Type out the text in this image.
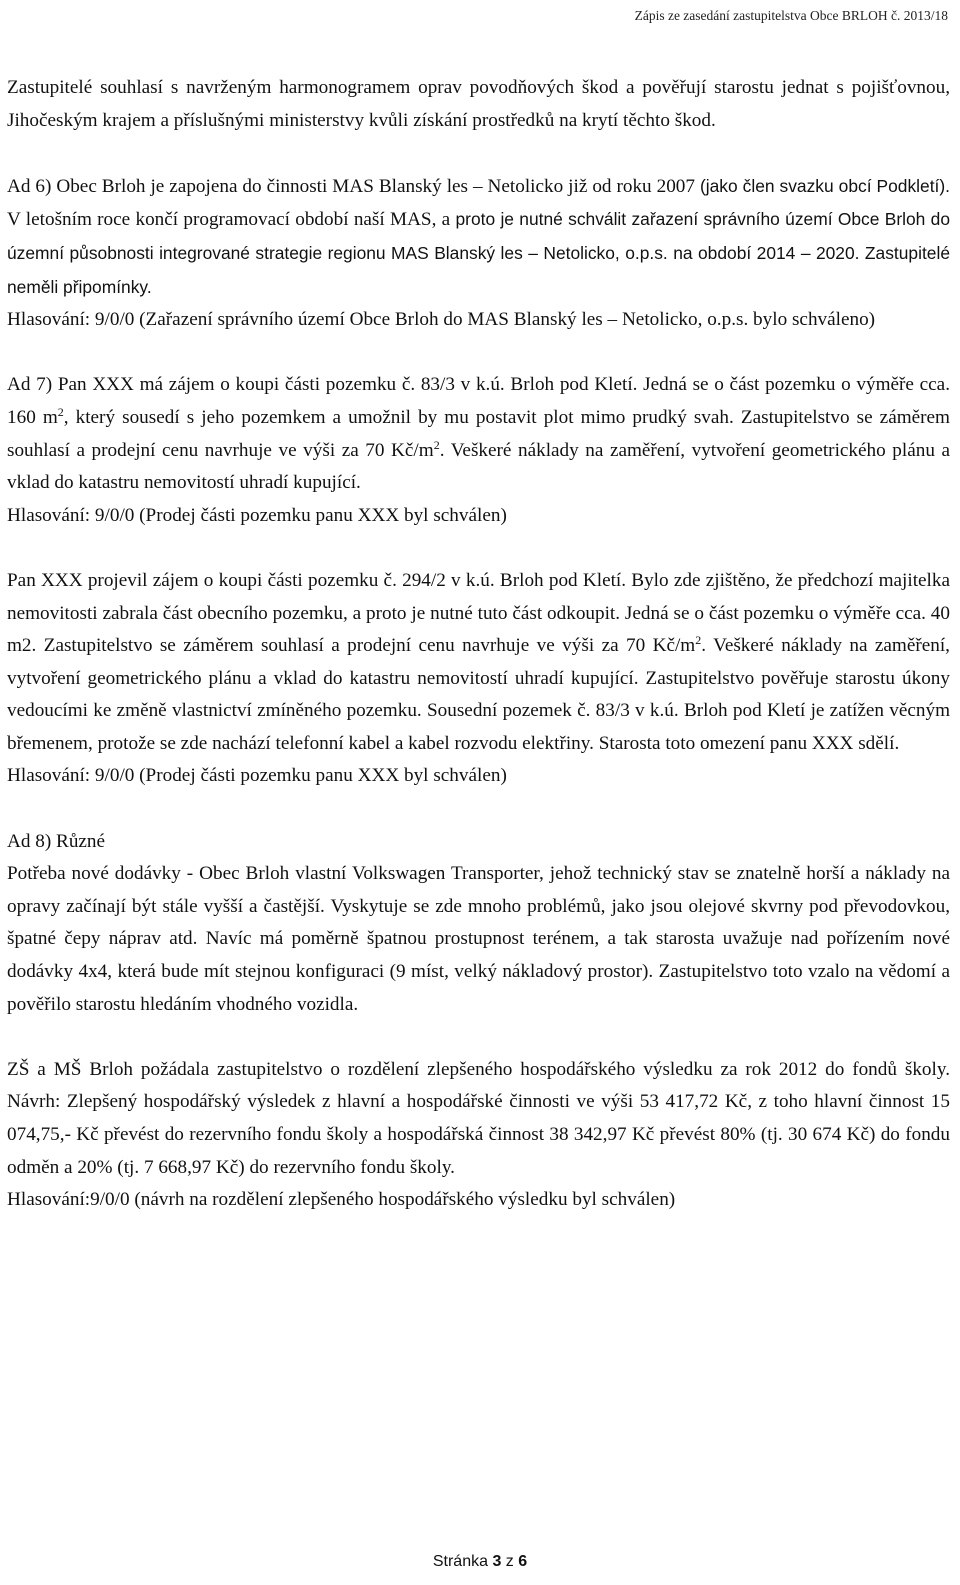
Zápis ze zasedání zastupitelstva Obce BRLOH č. 2013/18

Zastupitelé souhlasí s navrženým harmonogramem oprav povodňových škod a pověřují starostu jednat s pojišťovnou, Jihočeským krajem a příslušnými ministerstvy kvůli získání prostředků na krytí těchto škod.

Ad 6) Obec Brloh je zapojena do činnosti MAS Blanský les – Netolicko již od roku 2007 (jako člen svazku obcí Podkletí). V letošním roce končí programovací období naší MAS, a proto je nutné schválit zařazení správního území Obce Brloh do územní působnosti integrované strategie regionu MAS Blanský les – Netolicko, o.p.s. na období 2014 – 2020. Zastupitelé neměli připomínky.

Hlasování: 9/0/0 (Zařazení správního území Obce Brloh do MAS Blanský les – Netolicko, o.p.s. bylo schváleno)

Ad 7) Pan XXX má zájem o koupi části pozemku č. 83/3 v k.ú. Brloh pod Kletí. Jedná se o část pozemku o výměře cca. 160 $m^2$, který sousedí s jeho pozemkem a umožnil by mu postavit plot mimo prudký svah. Zastupitelstvo se záměrem souhlasí a prodejní cenu navrhuje ve výši za 70 $Kč/m^2$. Veškeré náklady na zaměření, vytvoření geometrického plánu a vklad do katastru nemovitostí uhradí kupující.

Hlasování: 9/0/0 (Prodej části pozemku panu XXX byl schválen)

Pan XXX projevil zájem o koupi části pozemku č. 294/2 v k.ú. Brloh pod Kletí. Bylo zde zjištěno, že předchozí majitelka nemovitosti zabrala část obecního pozemku, a proto je nutné tuto část odkoupit. Jedná se o část pozemku o výměře cca. 40 m2. Zastupitelstvo se záměrem souhlasí a prodejní cenu navrhuje ve výši za 70 $Kč/m^2$. Veškeré náklady na zaměření, vytvoření geometrického plánu a vklad do katastru nemovitostí uhradí kupující. Zastupitelstvo pověřuje starostu úkony vedoucími ke změně vlastnictví zmíněného pozemku. Sousední pozemek č. 83/3 v k.ú. Brloh pod Kletí je zatížen věcným břemenem, protože se zde nachází telefonní kabel a kabel rozvodu elektřiny. Starosta toto omezení panu XXX sdělí.

Hlasování: 9/0/0 (Prodej části pozemku panu XXX byl schválen)

Ad 8) Různé

Potřeba nové dodávky - Obec Brloh vlastní Volkswagen Transporter, jehož technický stav se znatelně horší a náklady na opravy začínají být stále vyšší a častější. Vyskytuje se zde mnoho problémů, jako jsou olejové skvrny pod převodovkou, špatné čepy náprav atd. Navíc má poměrně špatnou prostupnost terénem, a tak starosta uvažuje nad pořízením nové dodávky 4x4, která bude mít stejnou konfiguraci (9 míst, velký nákladový prostor). Zastupitelstvo toto vzalo na vědomí a pověřilo starostu hledáním vhodného vozidla.

ZŠ a MŠ Brloh požádala zastupitelstvo o rozdělení zlepšeného hospodářského výsledku za rok 2012 do fondů školy. Návrh: Zlepšený hospodářský výsledek z hlavní a hospodářské činnosti ve výši 53 417,72 Kč, z toho hlavní činnost 15 074,75,- Kč převést do rezervního fondu školy a hospodářská činnost 38 342,97 Kč převést 80% (tj. 30 674 Kč) do fondu odměn a 20% (tj. 7 668,97 Kč) do rezervního fondu školy.

Hlasování:9/0/0 (návrh na rozdělení zlepšeného hospodářského výsledku byl schválen)

Stránka 3 z 6
